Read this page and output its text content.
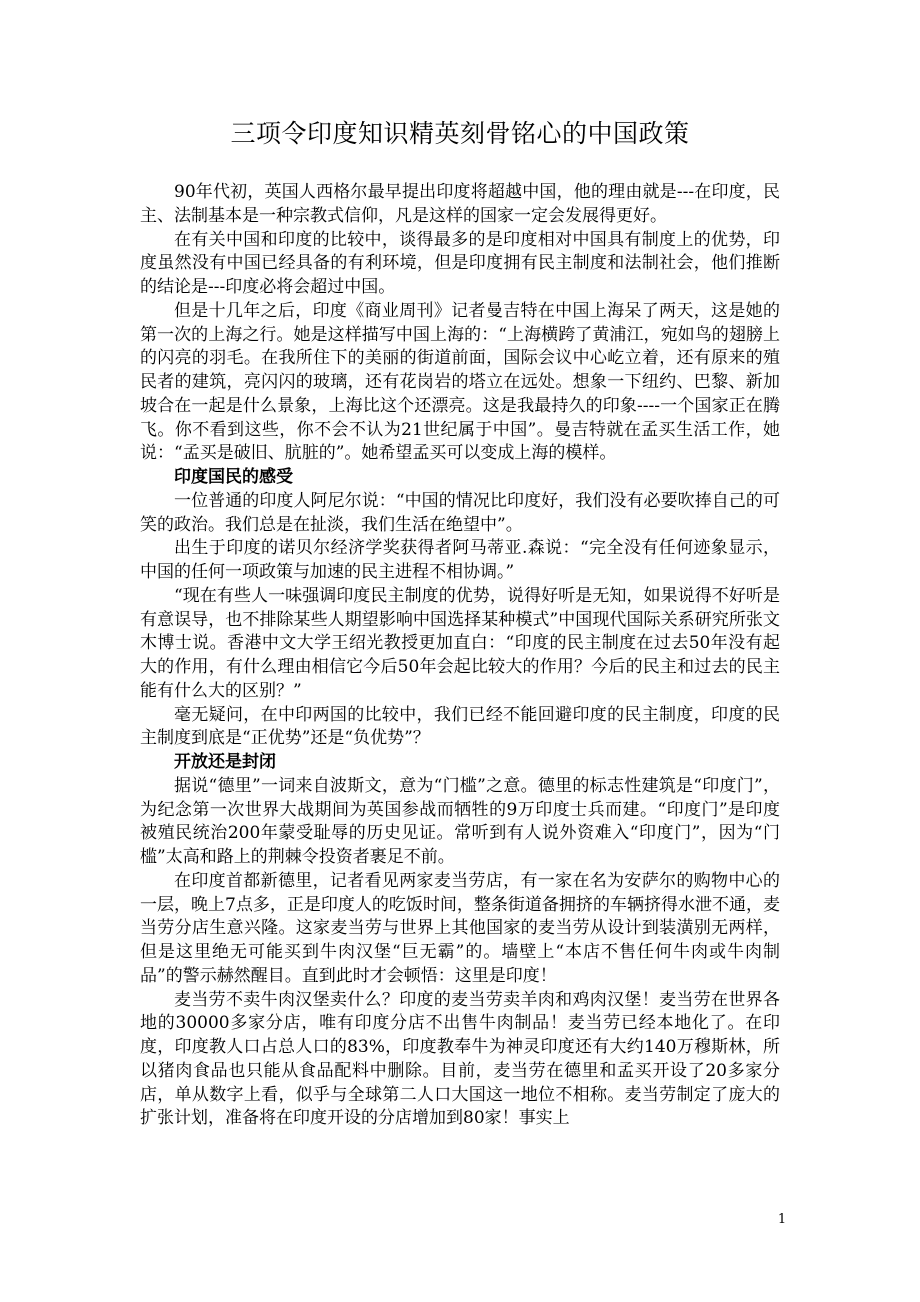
三项令印度知识精英刻骨铭心的中国政策

90年代初，英国人西格尔最早提出印度将超越中国，他的理由就是---在印度，民主、法制基本是一种宗教式信仰，凡是这样的国家一定会发展得更好。

在有关中国和印度的比较中，谈得最多的是印度相对中国具有制度上的优势，印度虽然没有中国已经具备的有利环境，但是印度拥有民主制度和法制社会，他们推断的结论是---印度必将会超过中国。

但是十几年之后，印度《商业周刊》记者曼吉特在中国上海呆了两天，这是她的第一次的上海之行。她是这样描写中国上海的：“上海横跨了黄浦江，宛如鸟的翅膀上的闪亮的羽毛。在我所住下的美丽的街道前面，国际会议中心屹立着，还有原来的殖民者的建筑，亮闪闪的玻璃，还有花岗岩的塔立在远处。想象一下纽约、巴黎、新加坡合在一起是什么景象，上海比这个还漂亮。这是我最持久的印象----一个国家正在腾飞。你不看到这些，你不会不认为21世纪属于中国”。曼吉特就在孟买生活工作，她说：“孟买是破旧、肮脏的”。她希望孟买可以变成上海的模样。

印度国民的感受

一位普通的印度人阿尼尔说：“中国的情况比印度好，我们没有必要吹捧自己的可笑的政治。我们总是在扯淡，我们生活在绝望中”。

出生于印度的诺贝尔经济学奖获得者阿马蒂亚.森说：“完全没有任何迹象显示，中国的任何一项政策与加速的民主进程不相协调。”

“现在有些人一味强调印度民主制度的优势，说得好听是无知，如果说得不好听是有意误导，也不排除某些人期望影响中国选择某种模式”中国现代国际关系研究所张文木博士说。香港中文大学王绍光教授更加直白：“印度的民主制度在过去50年没有起大的作用，有什么理由相信它今后50年会起比较大的作用？今后的民主和过去的民主能有什么大的区别？”

毫无疑问，在中印两国的比较中，我们已经不能回避印度的民主制度，印度的民主制度到底是“正优势”还是“负优势”？

开放还是封闭

据说“德里”一词来自波斯文，意为“门槛”之意。德里的标志性建筑是“印度门”，为纪念第一次世界大战期间为英国参战而牺牲的9万印度士兵而建。“印度门”是印度被殖民统治200年蒙受耻辱的历史见证。常听到有人说外资难入“印度门”，因为“门槛”太高和路上的荆棘令投资者裹足不前。

在印度首都新德里，记者看见两家麦当劳店，有一家在名为安萨尔的购物中心的一层，晚上7点多，正是印度人的吃饭时间，整条街道备拥挤的车辆挤得水泄不通，麦当劳分店生意兴隆。这家麦当劳与世界上其他国家的麦当劳从设计到装潢别无两样，但是这里绝无可能买到牛肉汉堡“巨无霸”的。墙壁上“本店不售任何牛肉或牛肉制品”的警示赫然醒目。直到此时才会顿悟：这里是印度！

麦当劳不卖牛肉汉堡卖什么？印度的麦当劳卖羊肉和鸡肉汉堡！麦当劳在世界各地的30000多家分店，唯有印度分店不出售牛肉制品！麦当劳已经本地化了。在印度，印度教人口占总人口的83%，印度教奉牛为神灵印度还有大约140万穆斯林，所以猪肉食品也只能从食品配料中删除。目前，麦当劳在德里和孟买开设了20多家分店，单从数字上看，似乎与全球第二人口大国这一地位不相称。麦当劳制定了庞大的扩张计划，准备将在印度开设的分店增加到80家！事实上

1
